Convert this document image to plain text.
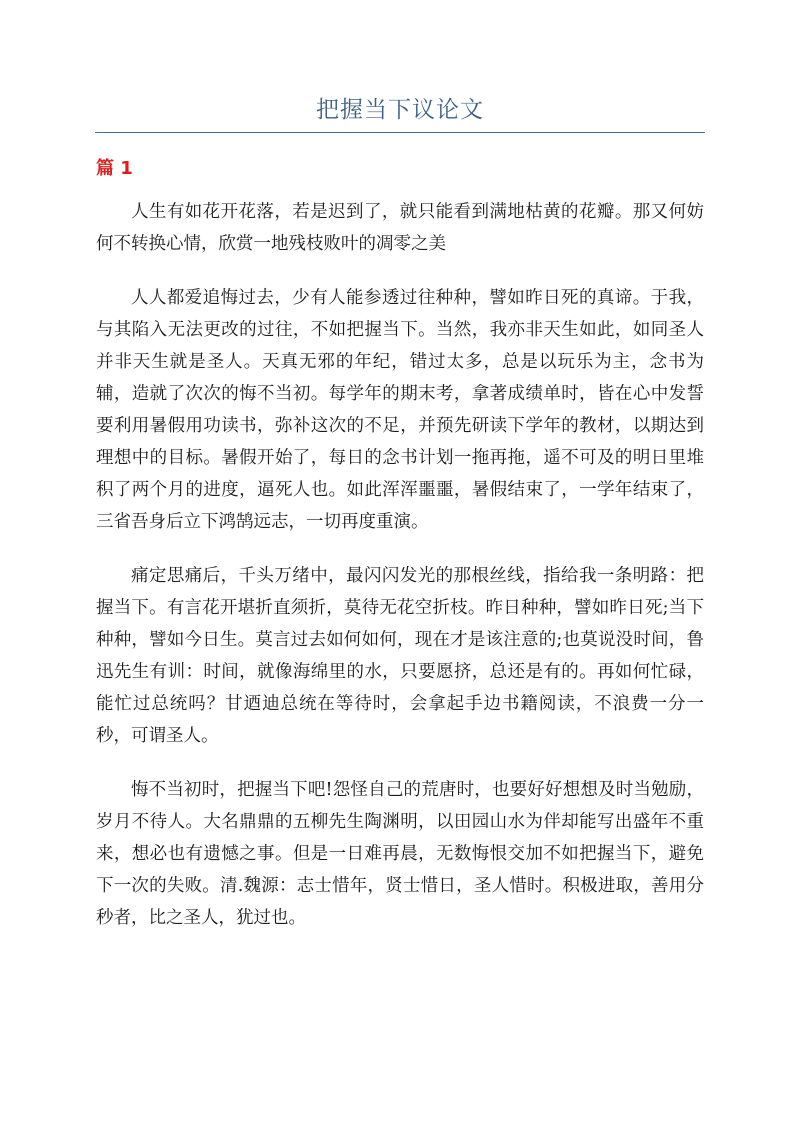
把握当下议论文
篇 1

人生有如花开花落，若是迟到了，就只能看到满地枯黄的花瓣。那又何妨何不转换心情，欣赏一地残枝败叶的凋零之美

人人都爱追悔过去，少有人能参透过往种种，譬如昨日死的真谛。于我，与其陷入无法更改的过往，不如把握当下。当然，我亦非天生如此，如同圣人并非天生就是圣人。天真无邪的年纪，错过太多，总是以玩乐为主，念书为辅，造就了次次的悔不当初。每学年的期末考，拿著成绩单时，皆在心中发誓要利用暑假用功读书，弥补这次的不足，并预先研读下学年的教材，以期达到理想中的目标。暑假开始了，每日的念书计划一拖再拖，遥不可及的明日里堆积了两个月的进度，逼死人也。如此浑浑噩噩，暑假结束了，一学年结束了，三省吾身后立下鸿鹄远志，一切再度重演。

痛定思痛后，千头万绪中，最闪闪发光的那根丝线，指给我一条明路：把握当下。有言花开堪折直须折，莫待无花空折枝。昨日种种，譬如昨日死;当下种种，譬如今日生。莫言过去如何如何，现在才是该注意的;也莫说没时间，鲁迅先生有训：时间，就像海绵里的水，只要愿挤，总还是有的。再如何忙碌，能忙过总统吗？甘迺迪总统在等待时，会拿起手边书籍阅读，不浪费一分一秒，可谓圣人。

悔不当初时，把握当下吧!怨怪自己的荒唐时，也要好好想想及时当勉励，岁月不待人。大名鼎鼎的五柳先生陶渊明，以田园山水为伴却能写出盛年不重来，想必也有遗憾之事。但是一日难再晨，无数悔恨交加不如把握当下，避免下一次的失败。清.魏源：志士惜年，贤士惜日，圣人惜时。积极进取，善用分秒者，比之圣人，犹过也。
